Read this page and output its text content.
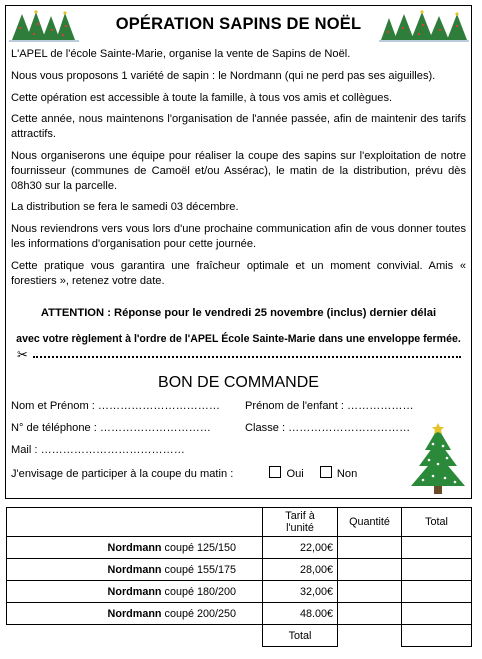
OPÉRATION SAPINS DE NOËL

L'APEL de l'école Sainte-Marie, organise la vente de Sapins de Noël.

Nous vous proposons 1 variété de sapin : le Nordmann (qui ne perd pas ses aiguilles).

Cette opération est accessible à toute la famille, à tous vos amis et collègues.

Cette année, nous maintenons l'organisation de l'année passée, afin de maintenir des tarifs attractifs.

Nous organiserons une équipe pour réaliser la coupe des sapins sur l'exploitation de notre fournisseur (communes de Camoël et/ou Assérac), le matin de la distribution, prévu dès 08h30 sur la parcelle.

La distribution se fera le samedi 03 décembre.

Nous reviendrons vers vous lors d'une prochaine communication afin de vous donner toutes les informations d'organisation pour cette journée.

Cette pratique vous garantira une fraîcheur optimale et un moment convivial. Amis « forestiers », retenez votre date.

ATTENTION : Réponse pour le vendredi 25 novembre (inclus) dernier délai
avec votre règlement à l'ordre de l'APEL École Sainte-Marie dans une enveloppe fermée.
✂
BON DE COMMANDE
Nom et Prénom : …………………………… Prénom de l'enfant : ………………
N° de téléphone : …………………………	Classe : ……………………………
Mail : …………………………………
J'envisage de participer à la coupe du matin :	Oui	Non
	Tarif à l'unité	Quantité	Total
Nordmann coupé 125/150	22,00€		
Nordmann coupé 155/175	28,00€		
Nordmann coupé 180/200	32,00€		
Nordmann coupé 200/250	48.00€		
	Total		
